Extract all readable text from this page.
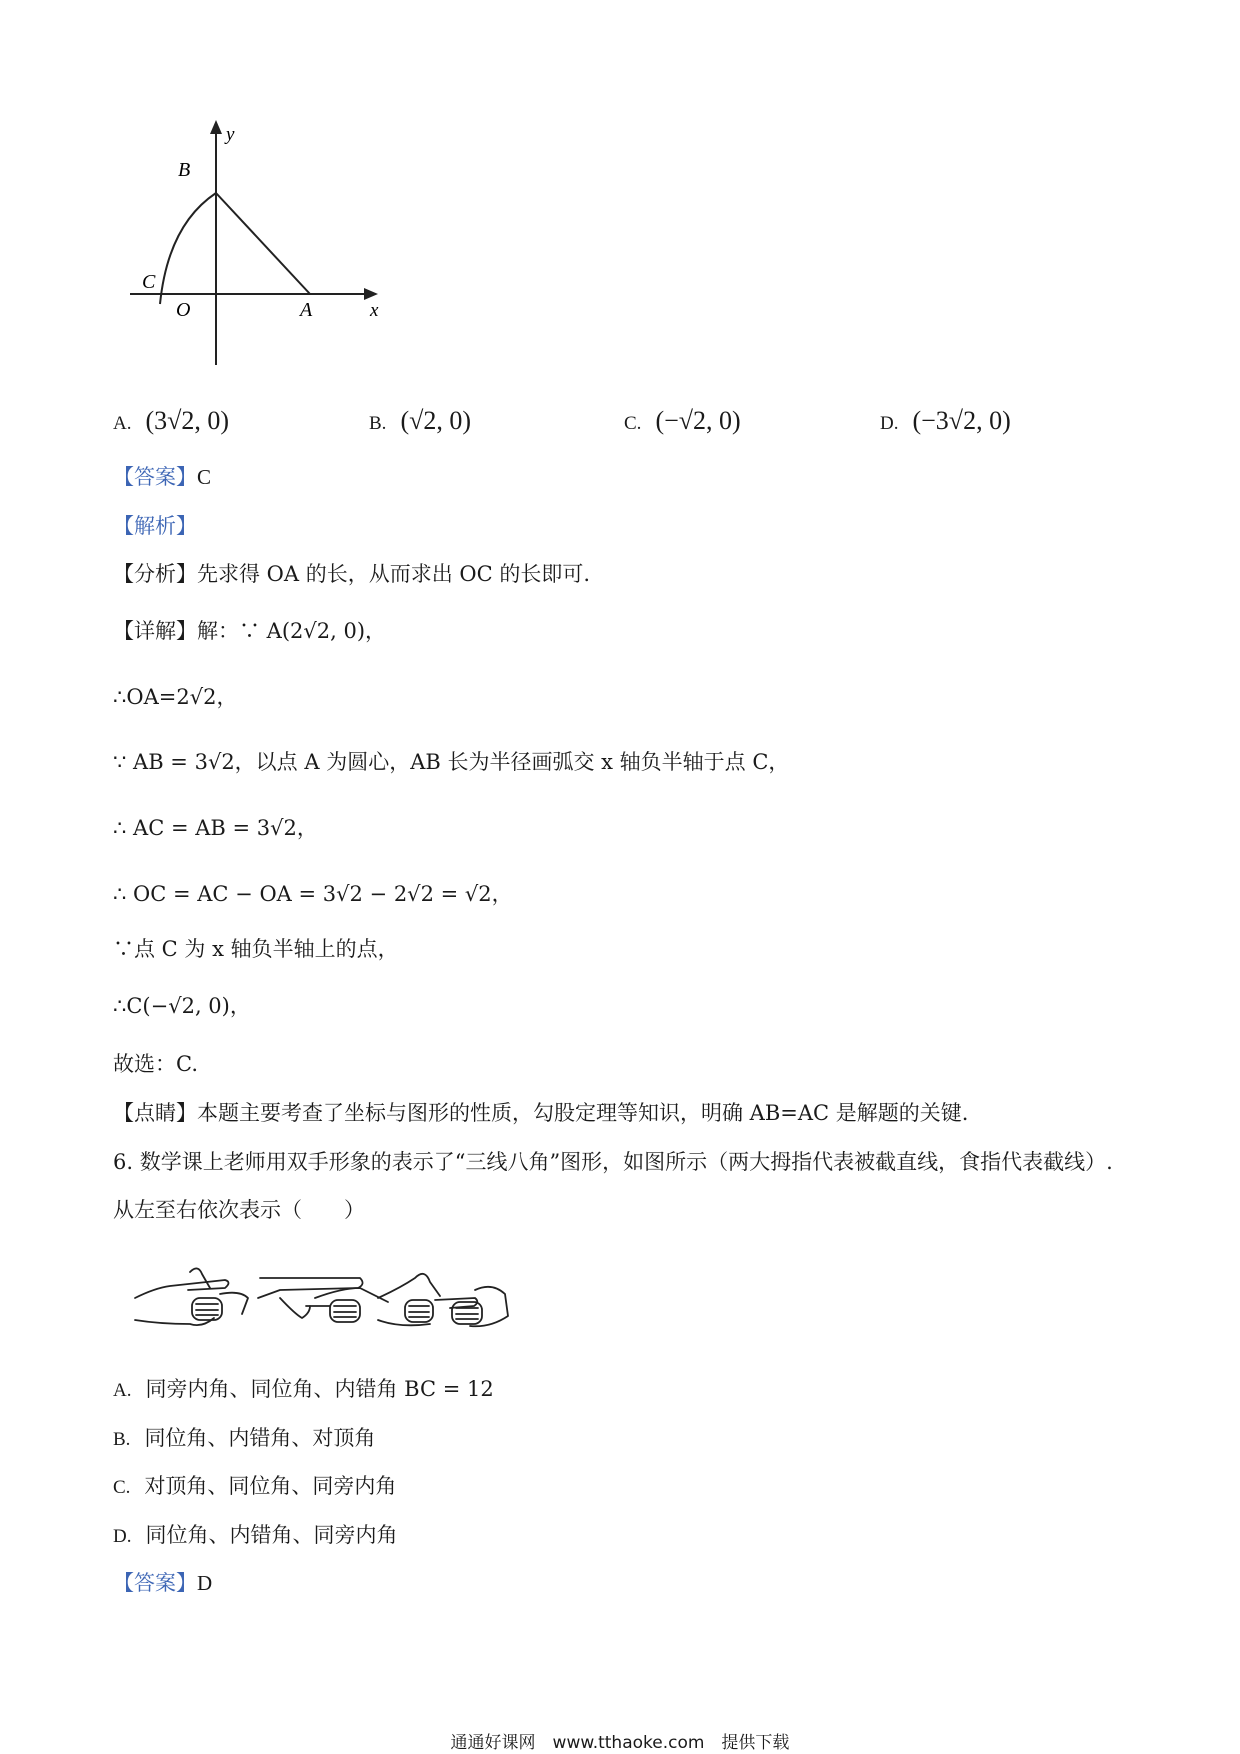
y
x
B
C
O	A
A. (3√2, 0)	B. (√2, 0)	C. (−√2, 0)	D. (−3√2, 0)
【答案】C
【解析】
【分析】先求得 OA 的长，从而求出 OC 的长即可.
【详解】解：∵ A(2√2, 0)，
∴OA=2√2，
∵ AB = 3√2，以点 A 为圆心，AB 长为半径画弧交 x 轴负半轴于点 C，
∴ AC = AB = 3√2，
∴ OC = AC − OA = 3√2 − 2√2 = √2，
∵点 C 为 x 轴负半轴上的点，
∴C(−√2, 0)，
故选：C.
【点睛】本题主要考查了坐标与图形的性质，勾股定理等知识，明确 AB=AC 是解题的关键.
6. 数学课上老师用双手形象的表示了“三线八角”图形，如图所示（两大拇指代表被截直线，食指代表截线）.
从左至右依次表示（　　）
A. 同旁内角、同位角、内错角 BC = 12
B. 同位角、内错角、对顶角
C. 对顶角、同位角、同旁内角
D. 同位角、内错角、同旁内角
【答案】D
通通好课网　www.tthaoke.com　提供下载
